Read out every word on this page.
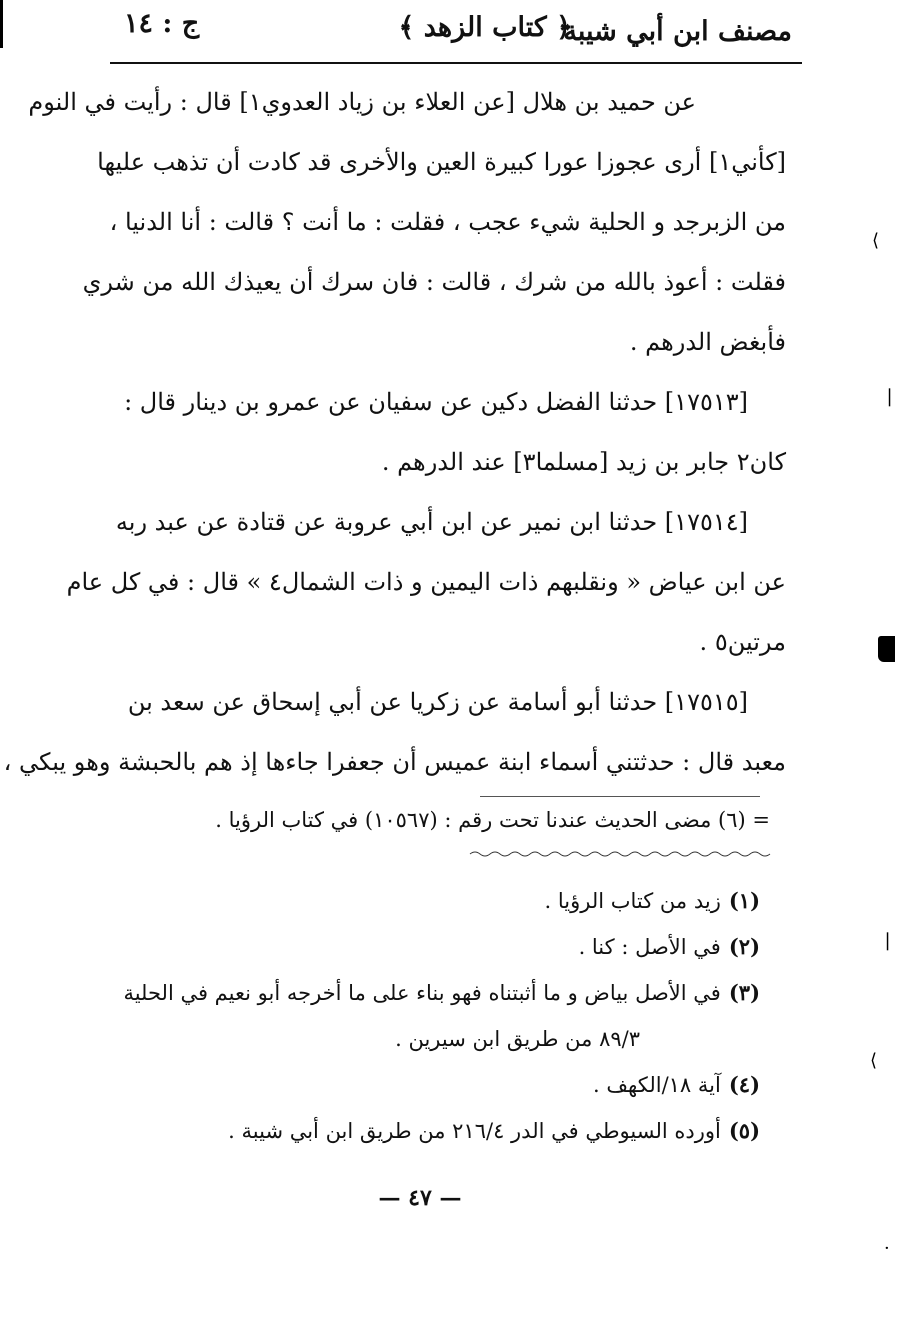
مصنف ابن أبي شيبة
﴿ كتاب الزهد ﴾
ج : ١٤
عن حميد بن هلال [عن العلاء بن زياد العدوي١] قال : رأيت في النوم
[كأني١] أرى عجوزا عورا كبيرة العين والأخرى قد كادت أن تذهب عليها
من الزبرجد و الحلية شيء عجب ، فقلت : ما أنت ؟ قالت : أنا الدنيا ،
فقلت : أعوذ بالله من شرك ، قالت : فان سرك أن يعيذك الله من شري
فأبغض الدرهم .
[١٧٥١٣] حدثنا الفضل دكين عن سفيان عن عمرو بن دينار قال :
كان٢ جابر بن زيد [مسلما٣] عند الدرهم .
[١٧٥١٤] حدثنا ابن نمير عن ابن أبي عروبة عن قتادة عن عبد ربه
عن ابن عياض « ونقلبهم ذات اليمين و ذات الشمال٤ » قال : في كل عام
مرتين٥ .
[١٧٥١٥] حدثنا أبو أسامة عن زكريا عن أبي إسحاق عن سعد بن
معبد قال : حدثتني أسماء ابنة عميس أن جعفرا جاءها إذ هم بالحبشة وهو يبكي ،
= (٦) مضى الحديث عندنا تحت رقم : (١٠٥٦٧) في كتاب الرؤيا .
(١)زيد من كتاب الرؤيا .
(٢)في الأصل : كنا .
(٣)في الأصل بياض و ما أثبتناه فهو بناء على ما أخرجه أبو نعيم في الحلية
٨٩/٣ من طريق ابن سيرين .
(٤)آية ١٨/الكهف .
(٥)أورده السيوطي في الدر ٢١٦/٤ من طريق ابن أبي شيبة .
— ٤٧ —
⟨
❘
❘
⟨
·
